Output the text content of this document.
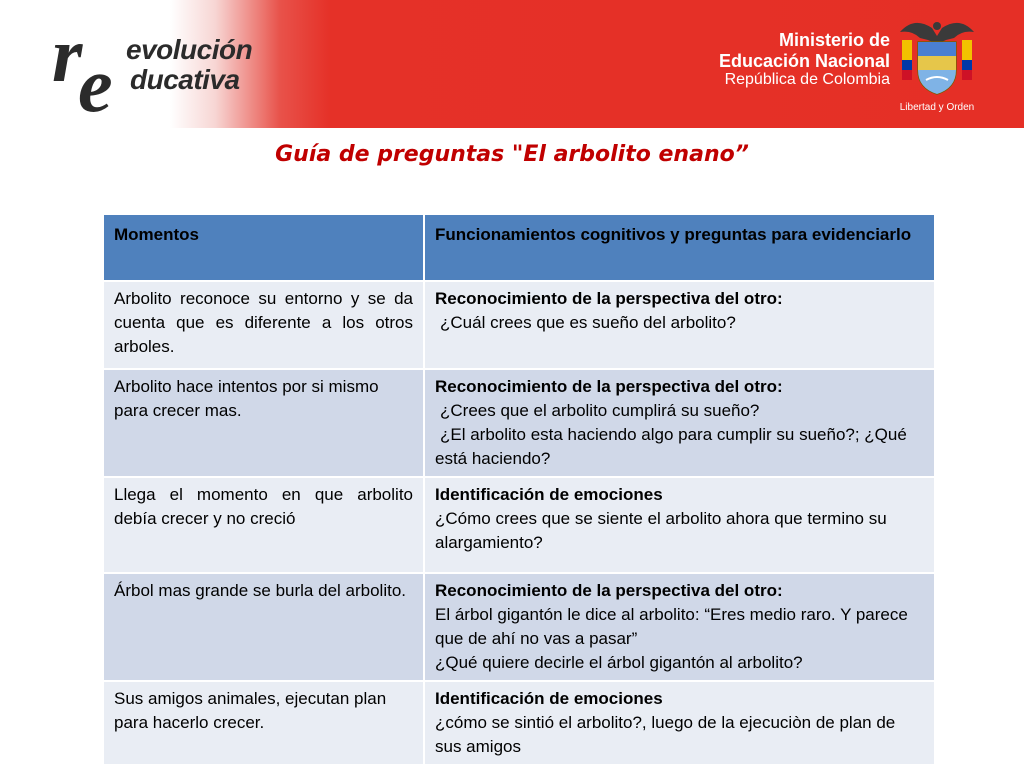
r e evolución
ducativa
Ministerio de
Educación Nacional
República de Colombia
Libertad y Orden
Guía de preguntas "El arbolito enano”
Momentos	Funcionamientos cognitivos y preguntas para evidenciarlo
Arbolito reconoce su entorno y se da cuenta que es diferente a los otros arboles.	Reconocimiento de la perspectiva del otro:
¿Cuál crees que es sueño del arbolito?

Arbolito hace intentos por si mismo para crecer mas.	Reconocimiento de la perspectiva del otro:
¿Crees que el arbolito cumplirá su sueño?
¿El arbolito esta haciendo algo para cumplir su sueño?; ¿Qué está haciendo?

Llega el momento en que arbolito debía crecer y no creció	Identificación de emociones
¿Cómo crees que se siente el arbolito ahora que termino su alargamiento?

Árbol mas grande se burla del arbolito.	Reconocimiento de la perspectiva del otro:
El árbol gigantón le dice al arbolito: “Eres medio raro. Y parece que de ahí no vas a pasar”
¿Qué quiere decirle el árbol gigantón al arbolito?

Sus amigos animales, ejecutan plan para hacerlo crecer.	Identificación de emociones
¿cómo se sintió el arbolito?, luego de la ejecuciòn de plan de sus amigos
